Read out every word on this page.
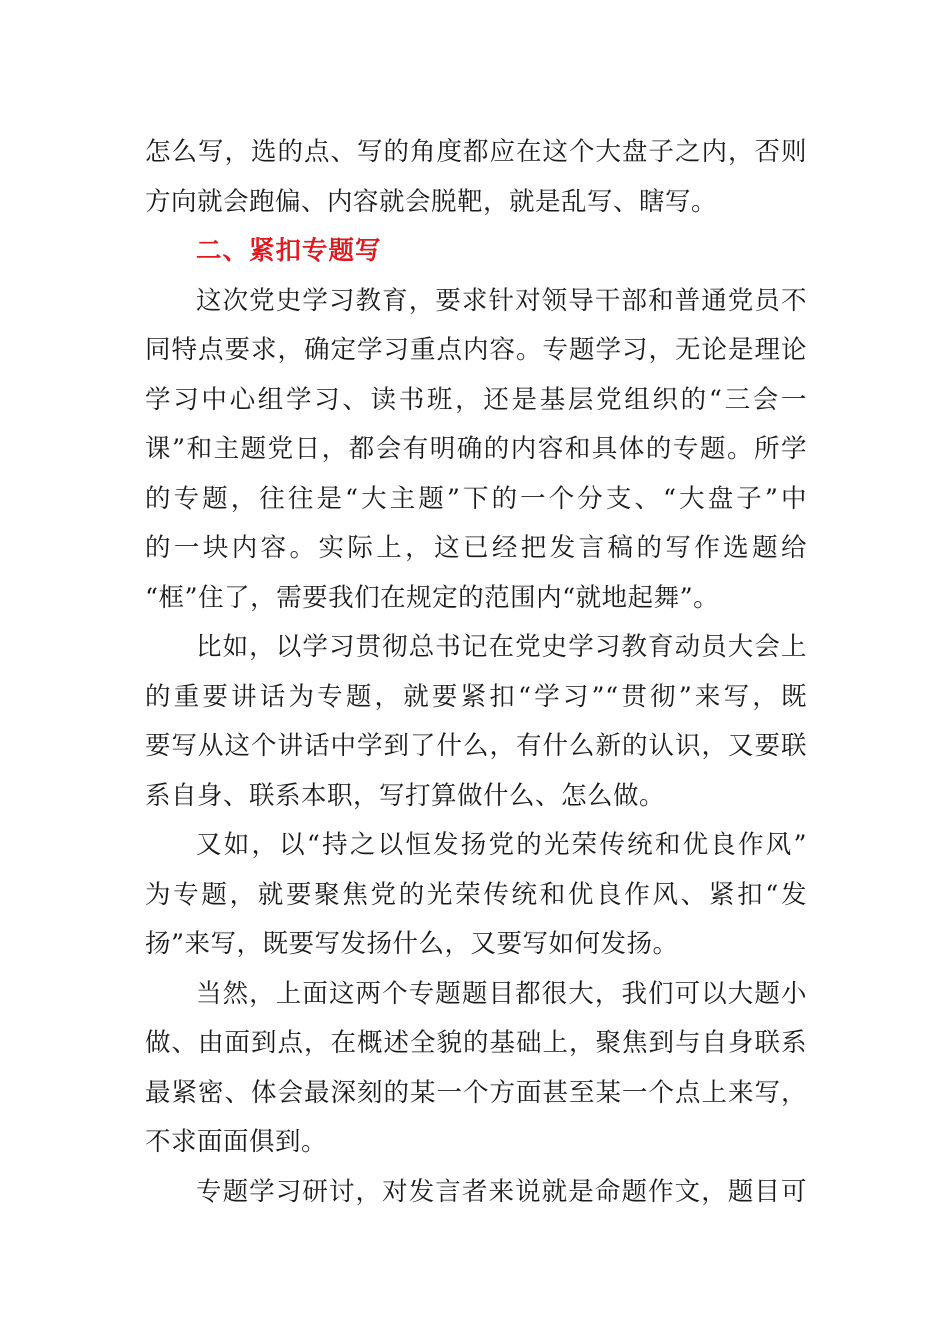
怎么写，选的点、写的角度都应在这个大盘子之内，否则
方向就会跑偏、内容就会脱靶，就是乱写、瞎写。
二、紧扣专题写
这次党史学习教育，要求针对领导干部和普通党员不
同特点要求，确定学习重点内容。专题学习，无论是理论
学习中心组学习、读书班，还是基层党组织的“三会一
课”和主题党日，都会有明确的内容和具体的专题。所学
的专题，往往是“大主题”下的一个分支、“大盘子”中
的一块内容。实际上，这已经把发言稿的写作选题给
“框”住了，需要我们在规定的范围内“就地起舞”。
比如，以学习贯彻总书记在党史学习教育动员大会上
的重要讲话为专题，就要紧扣“学习”“贯彻”来写，既
要写从这个讲话中学到了什么，有什么新的认识，又要联
系自身、联系本职，写打算做什么、怎么做。
又如，以“持之以恒发扬党的光荣传统和优良作风”
为专题，就要聚焦党的光荣传统和优良作风、紧扣“发
扬”来写，既要写发扬什么，又要写如何发扬。
当然，上面这两个专题题目都很大，我们可以大题小
做、由面到点，在概述全貌的基础上，聚焦到与自身联系
最紧密、体会最深刻的某一个方面甚至某一个点上来写，
不求面面俱到。
专题学习研讨，对发言者来说就是命题作文，题目可
